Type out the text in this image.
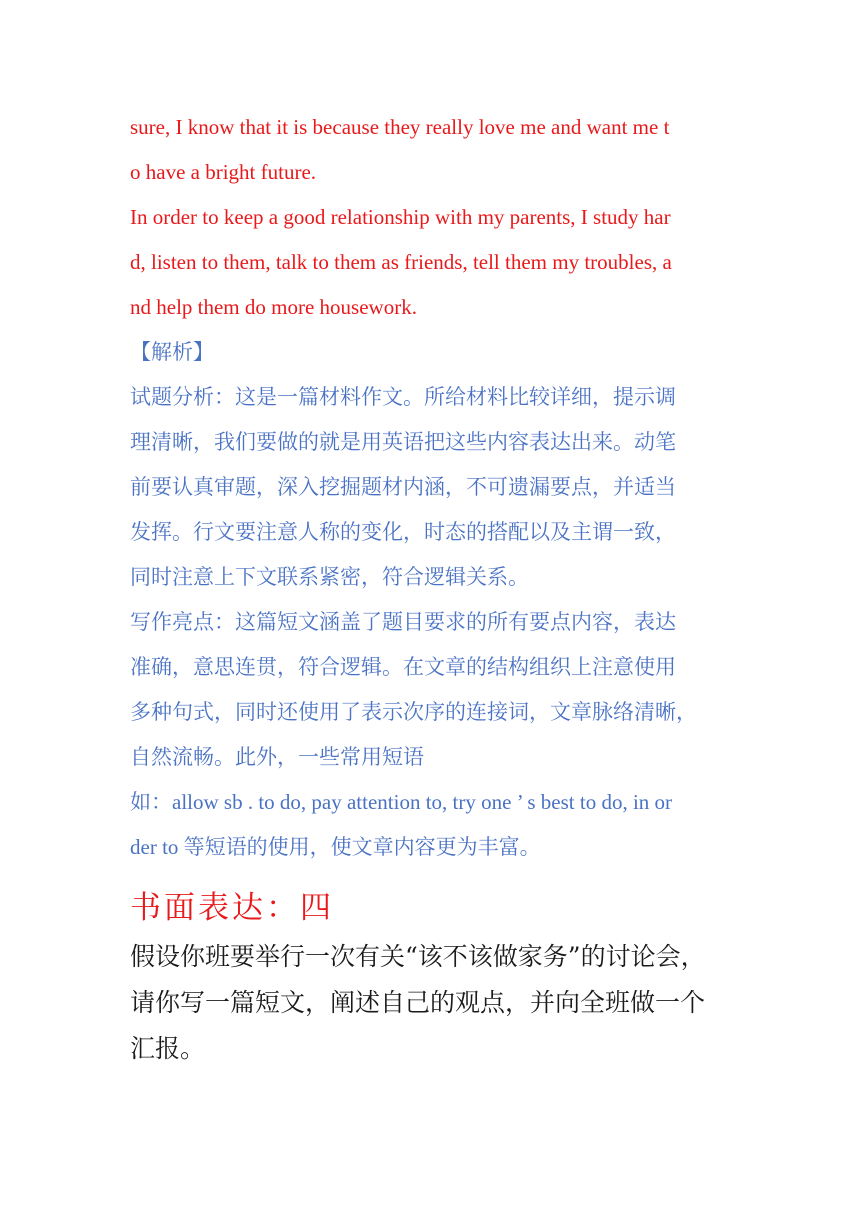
sure, I know that it is because they really love me and want me t
o have a bright future.
In order to keep a good relationship with my parents, I study har
d, listen to them, talk to them as friends, tell them my troubles, a
nd help them do more housework.
【解析】
试题分析：这是一篇材料作文。所给材料比较详细，提示调
理清晰，我们要做的就是用英语把这些内容表达出来。动笔
前要认真审题，深入挖掘题材内涵，不可遗漏要点，并适当
发挥。行文要注意人称的变化，时态的搭配以及主谓一致，
同时注意上下文联系紧密，符合逻辑关系。
写作亮点：这篇短文涵盖了题目要求的所有要点内容，表达
准确，意思连贯，符合逻辑。在文章的结构组织上注意使用
多种句式，同时还使用了表示次序的连接词，文章脉络清晰，
自然流畅。此外，一些常用短语
如：allow sb . to do, pay attention to, try one ’ s best to do, in or
der to 等短语的使用，使文章内容更为丰富。
书面表达：四
假设你班要举行一次有关“该不该做家务”的讨论会，
请你写一篇短文，阐述自己的观点，并向全班做一个
汇报。
